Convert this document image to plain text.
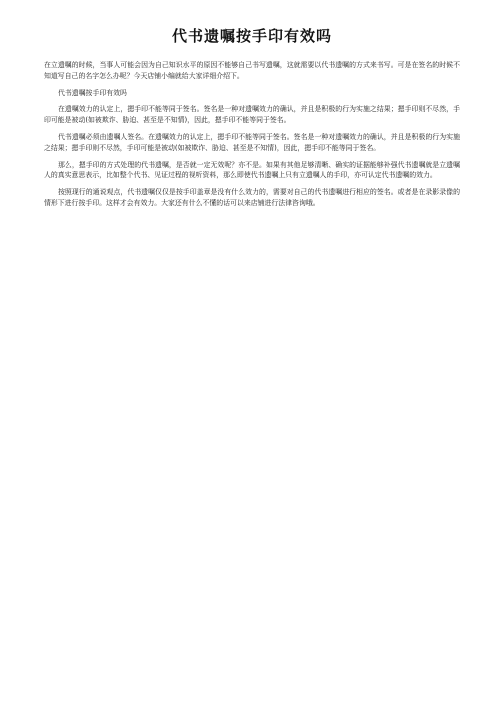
代书遗嘱按手印有效吗

在立遗嘱的时候，当事人可能会因为自己知识水平的原因不能够自己书写遗嘱，这就需要以代书遗嘱的方式来书写。可是在签名的时候不知道写自己的名字怎么办呢？今天店铺小编就给大家详细介绍下。

代书遗嘱按手印有效吗

在遗嘱效力的认定上，摁手印不能等同于签名。签名是一种对遗嘱效力的确认，并且是积极的行为实施之结果；摁手印则不尽然，手印可能是被动(如被欺诈、胁迫、甚至是不知情)，因此，摁手印不能等同于签名。

代书遗嘱必须由遗嘱人签名。在遗嘱效力的认定上，摁手印不能等同于签名。签名是一种对遗嘱效力的确认，并且是积极的行为实施之结果；摁手印则不尽然，手印可能是被动(如被欺诈、胁迫、甚至是不知情)，因此，摁手印不能等同于签名。

那么，摁手印的方式处理的代书遗嘱，是否就一定无效呢？亦不是。如果有其他足够清晰、确实的证据能够补强代书遗嘱就是立遗嘱人的真实意思表示，比如整个代书、见证过程的视听资料，那么即使代书遗嘱上只有立遗嘱人的手印，亦可认定代书遗嘱的效力。

按照现行的通说观点，代书遗嘱仅仅是按手印盖章是没有什么效力的，需要对自己的代书遗嘱进行相应的签名。或者是在录影录像的情形下进行按手印。这样才会有效力。大家还有什么不懂的话可以来店铺进行法律咨询哦。
